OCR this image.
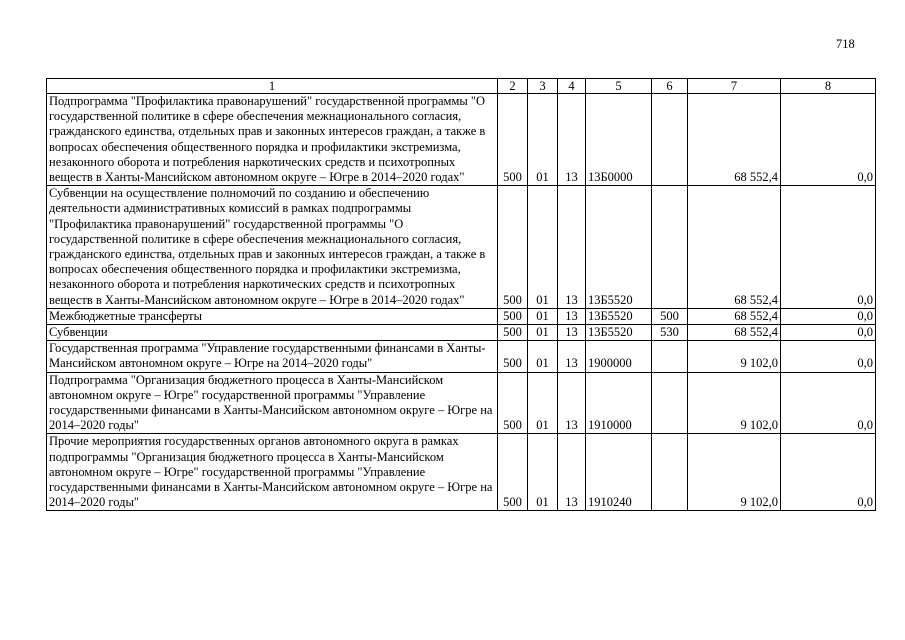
718
1	2	3	4	5	6	7	8
Подпрограмма "Профилактика правонарушений" государственной программы "О государственной политике в сфере обеспечения межнационального согласия, гражданского единства, отдельных прав и законных интересов граждан, а также в вопросах обеспечения общественного порядка и профилактики экстремизма, незаконного оборота и потребления наркотических средств и психотропных веществ в Ханты-Мансийском автономном округе – Югре в 2014–2020 годах"	500	01	13	13Б0000		68 552,4	0,0
Субвенции на осуществление полномочий по созданию и обеспечению деятельности административных комиссий в рамках подпрограммы "Профилактика правонарушений" государственной программы "О государственной политике в сфере обеспечения межнационального согласия, гражданского единства, отдельных прав и законных интересов граждан, а также в вопросах обеспечения общественного порядка и профилактики экстремизма, незаконного оборота и потребления наркотических средств и психотропных веществ в Ханты-Мансийском автономном округе – Югре в 2014–2020 годах"	500	01	13	13Б5520		68 552,4	0,0
Межбюджетные трансферты	500	01	13	13Б5520	500	68 552,4	0,0
Субвенции	500	01	13	13Б5520	530	68 552,4	0,0
Государственная программа "Управление государственными финансами в Ханты-Мансийском автономном округе – Югре на 2014–2020 годы"	500	01	13	1900000		9 102,0	0,0
Подпрограмма "Организация бюджетного процесса в Ханты-Мансийском автономном округе – Югре" государственной программы "Управление государственными финансами в Ханты-Мансийском автономном округе – Югре на 2014–2020 годы"	500	01	13	1910000		9 102,0	0,0
Прочие мероприятия государственных органов автономного округа в рамках подпрограммы "Организация бюджетного процесса в Ханты-Мансийском автономном округе – Югре" государственной программы "Управление государственными финансами в Ханты-Мансийском автономном округе – Югре на 2014–2020 годы"	500	01	13	1910240		9 102,0	0,0
